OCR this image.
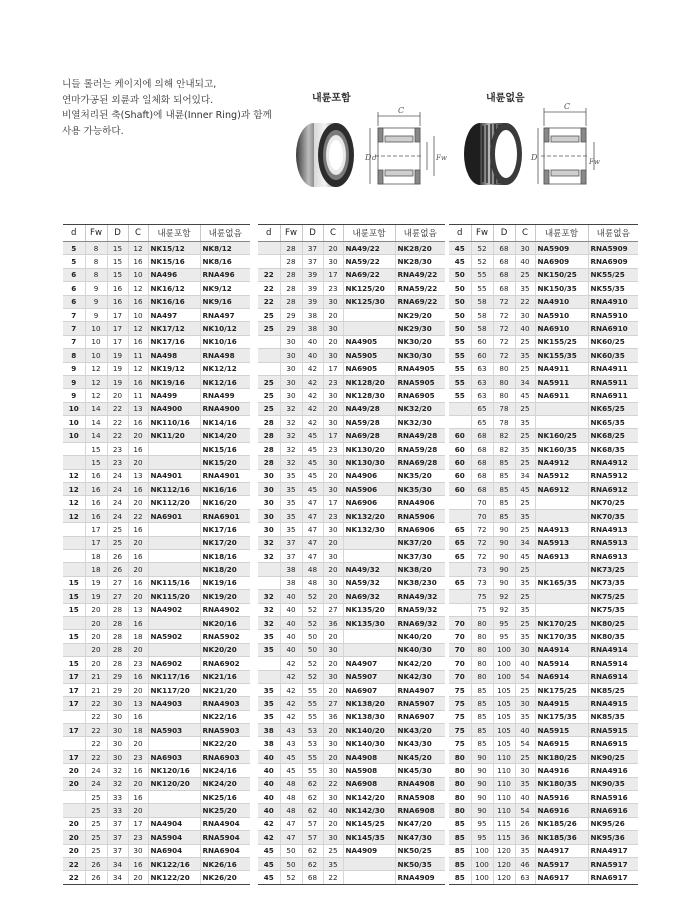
니들 롤러는 케이지에 의해 안내되고,
연마가공된 외륜과 일체화 되어있다.
비열처리된 축(Shaft)에 내륜(Inner Ring)과 함께
사용 가능하다.
내륜포함	내륜없음
C
D d	Fw
C
D	Fw
d	Fw	D	C	내륜포함	내륜없음
5	8	15	12	NK15/12	NK8/12
5	8	15	16	NK15/16	NK8/16
6	8	15	10	NA496	RNA496
6	9	16	12	NK16/12	NK9/12
6	9	16	16	NK16/16	NK9/16
7	9	17	10	NA497	RNA497
7	10	17	12	NK17/12	NK10/12
7	10	17	16	NK17/16	NK10/16
8	10	19	11	NA498	RNA498
9	12	19	12	NK19/12	NK12/12
9	12	19	16	NK19/16	NK12/16
9	12	20	11	NA499	RNA499
10	14	22	13	NA4900	RNA4900
10	14	22	16	NK110/16	NK14/16
10	14	22	20	NK11/20	NK14/20
	15	23	16		NK15/16
	15	23	20		NK15/20
12	16	24	13	NA4901	RNA4901
12	16	24	16	NK112/16	NK16/16
12	16	24	20	NK112/20	NK16/20
12	16	24	22	NA6901	RNA6901
	17	25	16		NK17/16
	17	25	20		NK17/20
	18	26	16		NK18/16
	18	26	20		NK18/20
15	19	27	16	NK115/16	NK19/16
15	19	27	20	NK115/20	NK19/20
15	20	28	13	NA4902	RNA4902
	20	28	16		NK20/16
15	20	28	18	NA5902	RNA5902
	20	28	20		NK20/20
15	20	28	23	NA6902	RNA6902
17	21	29	16	NK117/16	NK21/16
17	21	29	20	NK117/20	NK21/20
17	22	30	13	NA4903	RNA4903
	22	30	16		NK22/16
17	22	30	18	NA5903	RNA5903
	22	30	20		NK22/20
17	22	30	23	NA6903	RNA6903
20	24	32	16	NK120/16	NK24/16
20	24	32	20	NK120/20	NK24/20
	25	33	16		NK25/16
	25	33	20		NK25/20
20	25	37	17	NA4904	RNA4904
20	25	37	23	NA5904	RNA5904
20	25	37	30	NA6904	RNA6904
22	26	34	16	NK122/16	NK26/16
22	26	34	20	NK122/20	NK26/20
d	Fw	D	C	내륜포함	내륜없음
	28	37	20	NA49/22	NK28/20
	28	37	30	NA59/22	NK28/30
22	28	39	17	NA69/22	RNA49/22
22	28	39	23	NK125/20	RNA59/22
22	28	39	30	NK125/30	RNA69/22
25	29	38	20		NK29/20
25	29	38	30		NK29/30
	30	40	20	NA4905	NK30/20
	30	40	30	NA5905	NK30/30
	30	42	17	NA6905	RNA4905
25	30	42	23	NK128/20	RNA5905
25	30	42	30	NK128/30	RNA6905
25	32	42	20	NA49/28	NK32/20
28	32	42	30	NA59/28	NK32/30
28	32	45	17	NA69/28	RNA49/28
28	32	45	23	NK130/20	RNA59/28
28	32	45	30	NK130/30	RNA69/28
30	35	45	20	NA4906	NK35/20
30	35	45	30	NA5906	NK35/30
30	35	47	17	NA6906	RNA4906
30	35	47	23	NK132/20	RNA5906
30	35	47	30	NK132/30	RNA6906
32	37	47	20		NK37/20
32	37	47	30		NK37/30
	38	48	20	NA49/32	NK38/20
	38	48	30	NA59/32	NK38/230
32	40	52	20	NA69/32	RNA49/32
32	40	52	27	NK135/20	RNA59/32
32	40	52	36	NK135/30	RNA69/32
35	40	50	20		NK40/20
35	40	50	30		NK40/30
	42	52	20	NA4907	NK42/20
	42	52	30	NA5907	NK42/30
35	42	55	20	NA6907	RNA4907
35	42	55	27	NK138/20	RNA5907
35	42	55	36	NK138/30	RNA6907
38	43	53	20	NK140/20	NK43/20
38	43	53	30	NK140/30	NK43/30
40	45	55	20	NA4908	NK45/20
40	45	55	30	NA5908	NK45/30
40	48	62	22	NA6908	RNA4908
40	48	62	30	NK142/20	RNA5908
40	48	62	40	NK142/30	RNA6908
42	47	57	20	NK145/25	NK47/20
42	47	57	30	NK145/35	NK47/30
45	50	62	25	NA4909	NK50/25
45	50	62	35		NK50/35
45	52	68	22		RNA4909
d	Fw	D	C	내륜포함	내륜없음
45	52	68	30	NA5909	RNA5909
45	52	68	40	NA6909	RNA6909
50	55	68	25	NK150/25	NK55/25
50	55	68	35	NK150/35	NK55/35
50	58	72	22	NA4910	RNA4910
50	58	72	30	NA5910	RNA5910
50	58	72	40	NA6910	RNA6910
55	60	72	25	NK155/25	NK60/25
55	60	72	35	NK155/35	NK60/35
55	63	80	25	NA4911	RNA4911
55	63	80	34	NA5911	RNA5911
55	63	80	45	NA6911	RNA6911
	65	78	25		NK65/25
	65	78	35		NK65/35
60	68	82	25	NK160/25	NK68/25
60	68	82	35	NK160/35	NK68/35
60	68	85	25	NA4912	RNA4912
60	68	85	34	NA5912	RNA5912
60	68	85	45	NA6912	RNA6912
	70	85	25		NK70/25
	70	85	35		NK70/35
65	72	90	25	NA4913	RNA4913
65	72	90	34	NA5913	RNA5913
65	72	90	45	NA6913	RNA6913
	73	90	25		NK73/25
65	73	90	35	NK165/35	NK73/35
	75	92	25		NK75/25
	75	92	35		NK75/35
70	80	95	25	NK170/25	NK80/25
70	80	95	35	NK170/35	NK80/35
70	80	100	30	NA4914	RNA4914
70	80	100	40	NA5914	RNA5914
70	80	100	54	NA6914	RNA6914
75	85	105	25	NK175/25	NK85/25
75	85	105	30	NA4915	RNA4915
75	85	105	35	NK175/35	NK85/35
75	85	105	40	NA5915	RNA5915
75	85	105	54	NA6915	RNA6915
80	90	110	25	NK180/25	NK90/25
80	90	110	30	NA4916	RNA4916
80	90	110	35	NK180/35	NK90/35
80	90	110	40	NA5916	RNA5916
80	90	110	54	NA6916	RNA6916
85	95	115	26	NK185/26	NK95/26
85	95	115	36	NK185/36	NK95/36
85	100	120	35	NA4917	RNA4917
85	100	120	46	NA5917	RNA5917
85	100	120	63	NA6917	RNA6917
